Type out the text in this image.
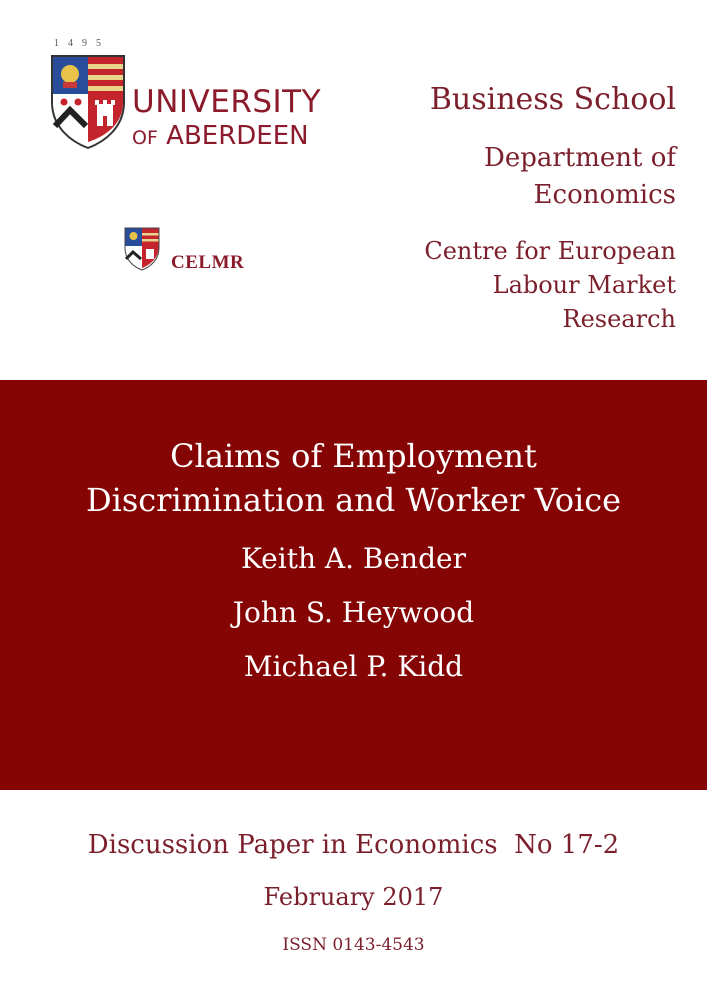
1495
UNIVERSITY
OF ABERDEEN
CELMR
Business School
Department of Economics
Centre for European Labour Market Research
Claims of Employment
Discrimination and Worker Voice
Keith A. Bender
John S. Heywood
Michael P. Kidd
Discussion Paper in Economics  No 17-2
February 2017
ISSN 0143-4543
